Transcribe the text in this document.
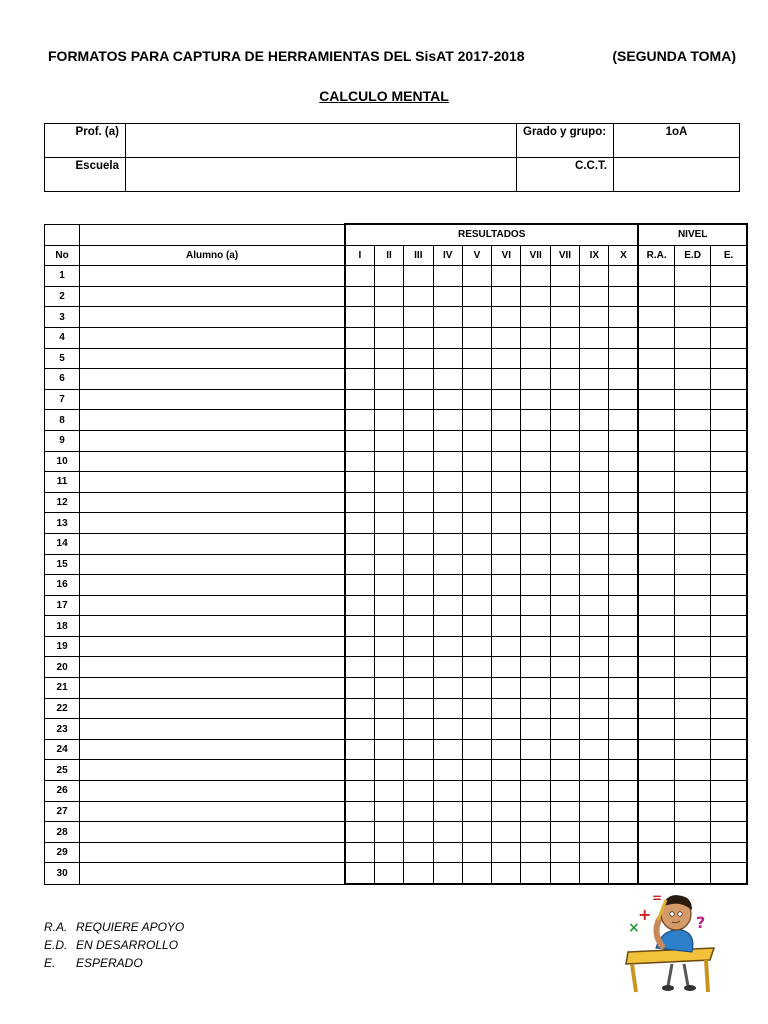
FORMATOS PARA CAPTURA DE HERRAMIENTAS DEL SisAT 2017-2018	(SEGUNDA TOMA)
CALCULO MENTAL
Prof. (a)		Grado y grupo:	1oA
Escuela		C.C.T.	
		RESULTADOS										NIVEL		
No	Alumno (a)	I	II	III	IV	V	VI	VII	VII	IX	X	R.A.	E.D	E.
1														
2														
3														
4														
5														
6														
7														
8														
9														
10														
11														
12														
13														
14														
15														
16														
17														
18														
19														
20														
21														
22														
23														
24														
25														
26														
27														
28														
29														
30														
R.A. REQUIERE APOYO
E.D. EN DESARROLLO
E.	ESPERADO
×
+
=
?
